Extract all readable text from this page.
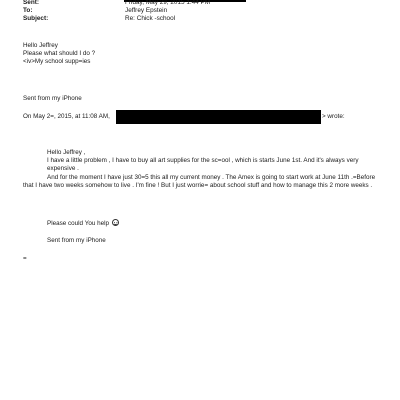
Sent:	Friday, May 29, 2015 1:44 PM
To:	Jeffrey Epstein
Subject:	Re: Chick -school
Hello Jeffrey
Please what should I do ?
<iv>My school supp=ies
Sent from my iPhone
On May 2=, 2015, at 11:08 AM,	> wrote:
Hello Jeffrey ,
I have a little problem , I have to buy all art supplies for the sc=ool , which is starts June 1st. And it's always very expensive .
And for the moment I have just 30=5 this all my current money . The Amex is going to start work at June 11th .=Before that I have two weeks somehow to live . I'm fine ! But I just worrie= about school stuff and how to manage this 2 more weeks .
Please could You help
Sent from my iPhone
=
